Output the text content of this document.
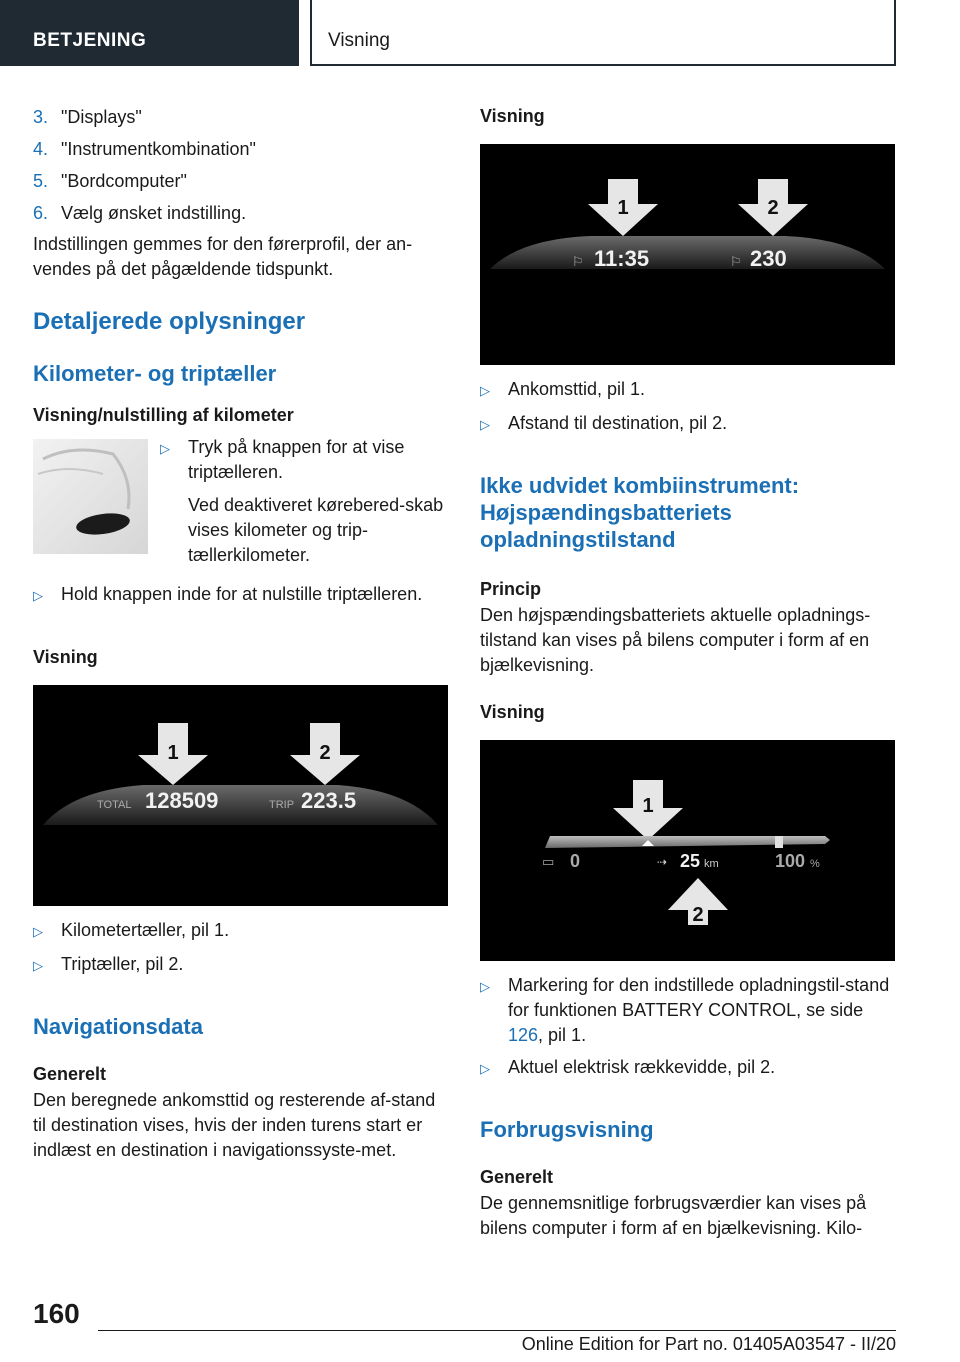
BETJENING	Visning
3. "Displays"
4. "Instrumentkombination"
5. "Bordcomputer"
6. Vælg ønsket indstilling.

Indstillingen gemmes for den førerprofil, der an-vendes på det pågældende tidspunkt.

Detaljerede oplysninger
Kilometer- og triptæller
Visning/nulstilling af kilometer
▷	Tryk på knappen for at vise triptælleren.

Ved deaktiveret kørebered-skab vises kilometer og trip-tællerkilometer.

▷	Hold knappen inde for at nulstille triptælleren.
Visning
1	2
TOTAL 128509	TRIP 223.5
▷	Kilometertæller, pil 1.
▷	Triptæller, pil 2.
Navigationsdata
Generelt

Den beregnede ankomsttid og resterende af-stand til destination vises, hvis der inden turens start er indlæst en destination i navigationssyste-met.

Visning
1	2
⚐ 11:35	⚐ 230
▷	Ankomsttid, pil 1.
▷	Afstand til destination, pil 2.
Ikke udvidet kombiinstrument: Højspændingsbatteriets opladningstilstand
Princip

Den højspændingsbatteriets aktuelle opladnings-tilstand kan vises på bilens computer i form af en bjælkevisning.

Visning
1
▭ 0	⇢ 25 km	100 %
2
▷	Markering for den indstillede opladningstil-stand for funktionen BATTERY CONTROL, se side 126, pil 1.
▷	Aktuel elektrisk rækkevidde, pil 2.
Forbrugsvisning
Generelt

De gennemsnitlige forbrugsværdier kan vises på bilens computer i form af en bjælkevisning. Kilo-

160
Online Edition for Part no. 01405A03547 - II/20
